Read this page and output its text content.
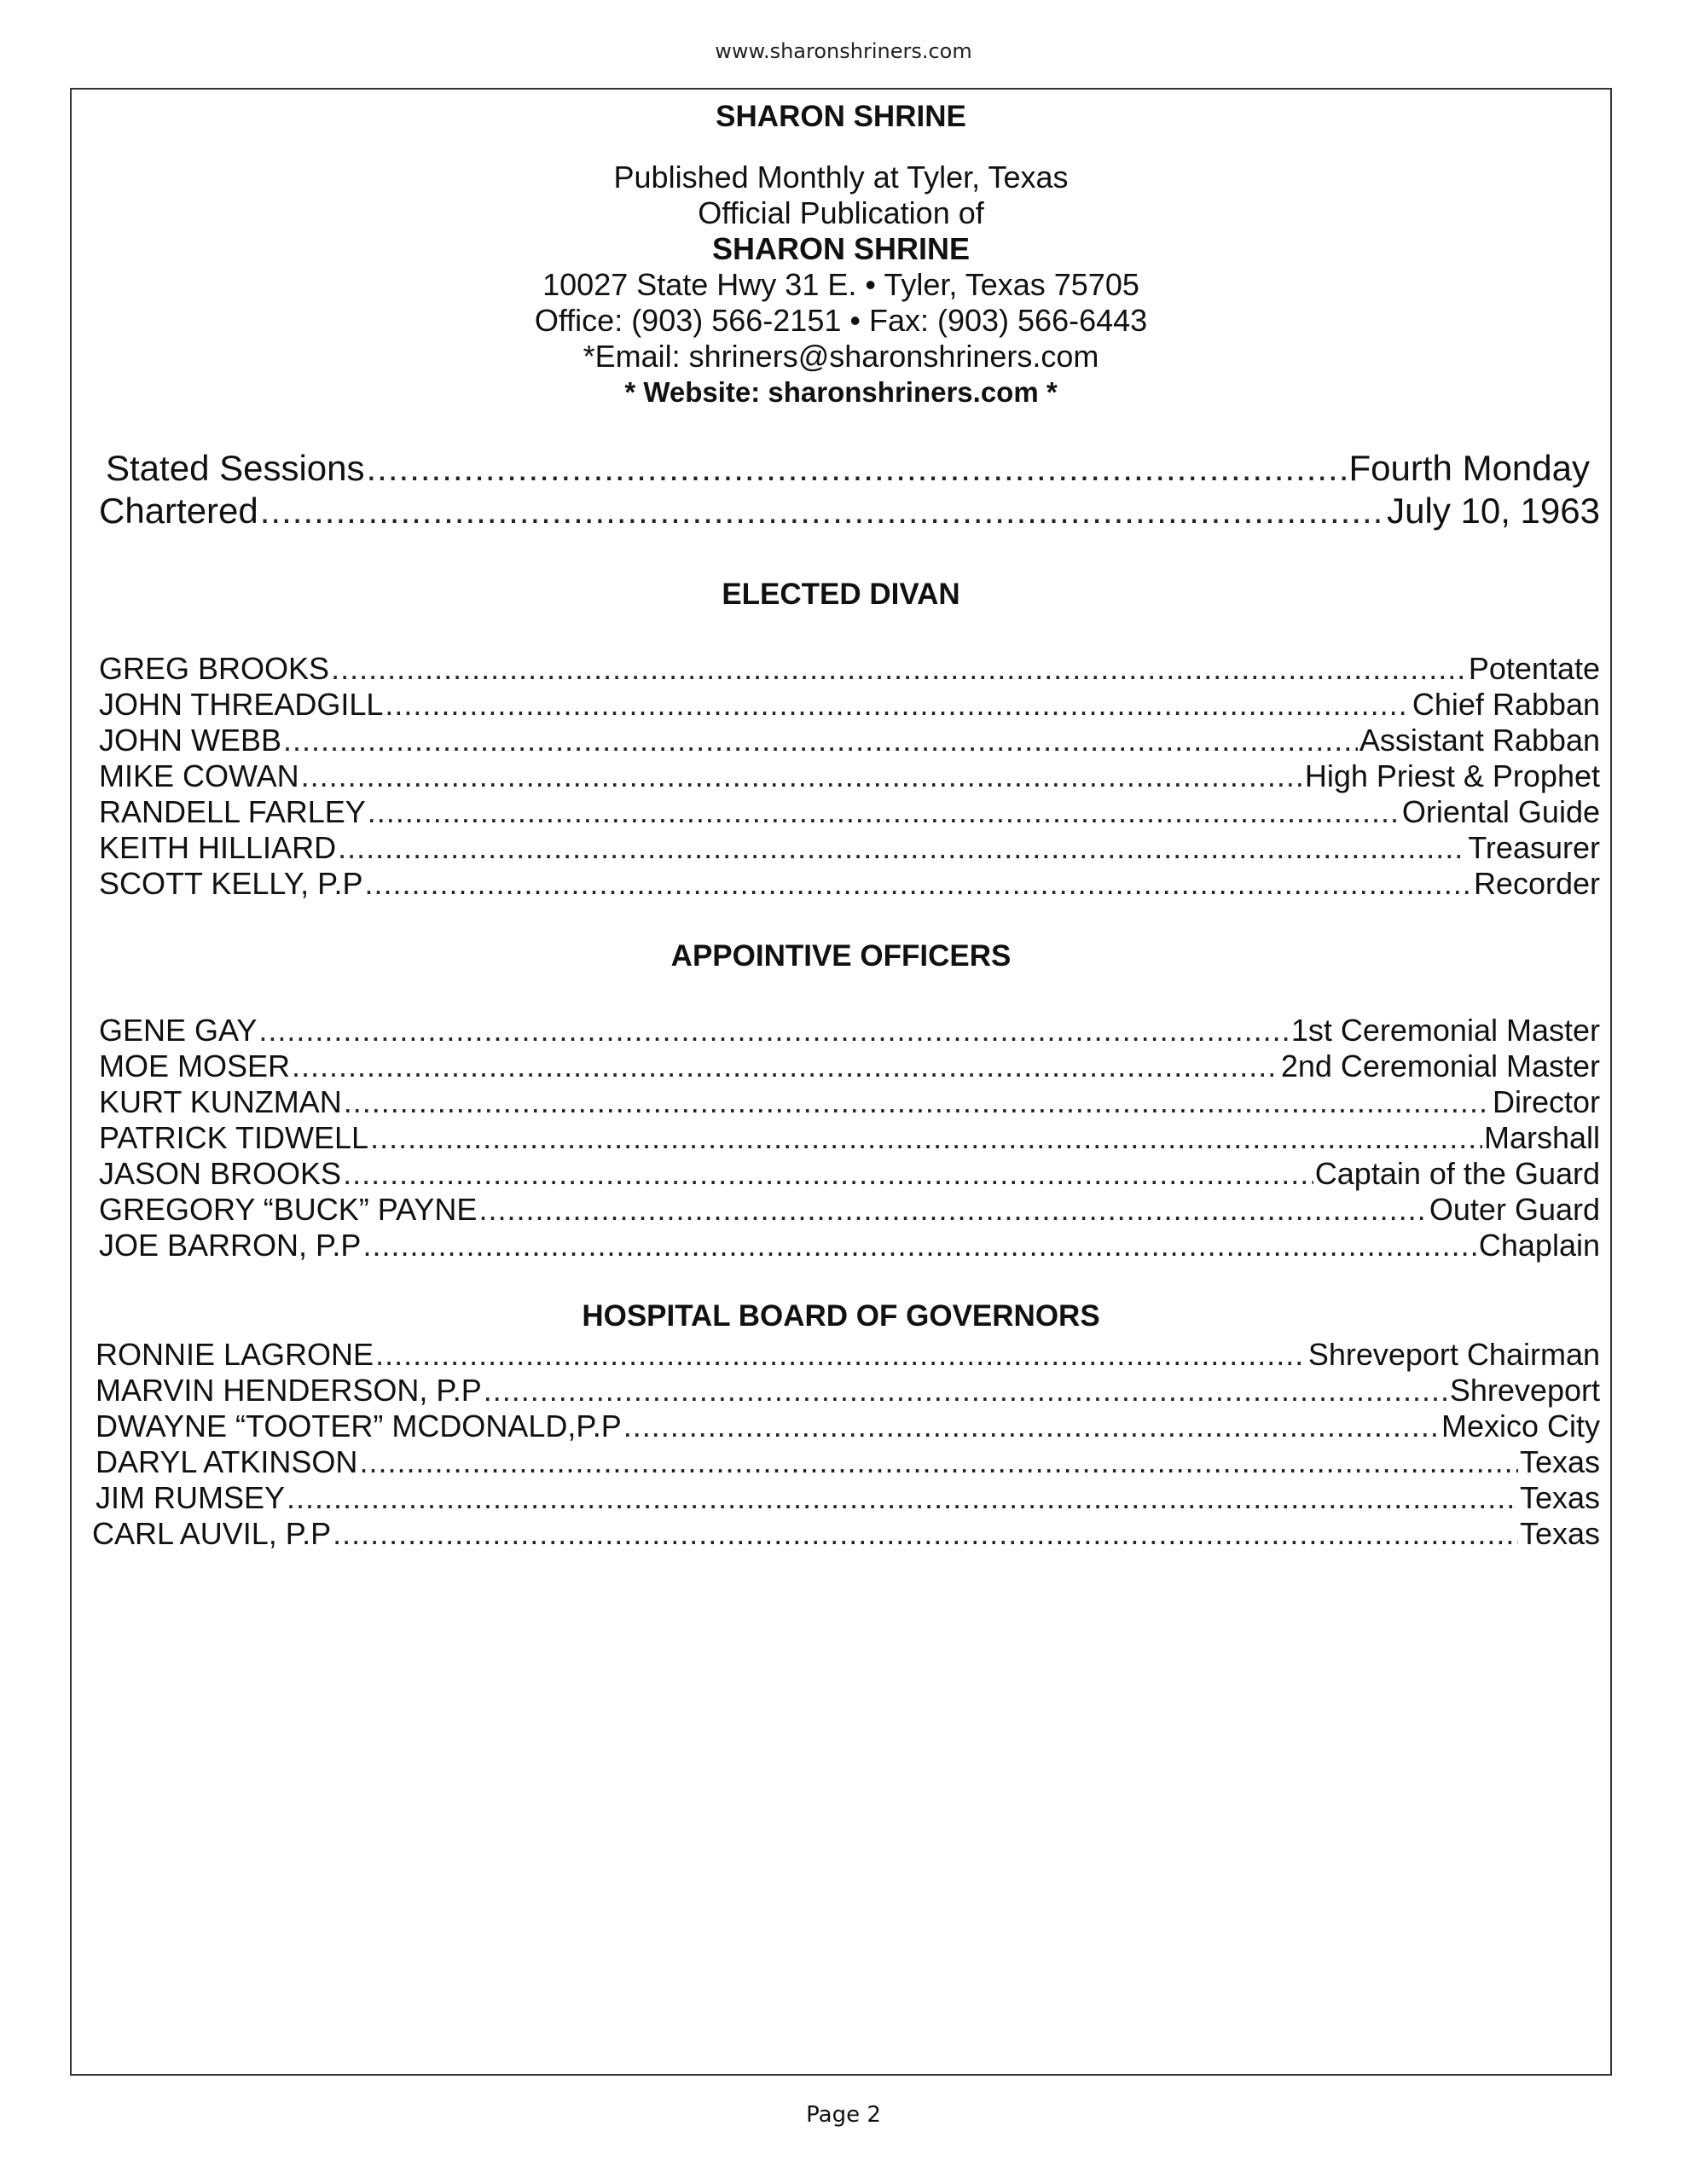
www.sharonshriners.com
SHARON SHRINE
Published Monthly at Tyler, Texas
Official Publication of
SHARON SHRINE
10027 State Hwy 31 E. • Tyler, Texas 75705
Office: (903) 566-2151 • Fax: (903) 566-6443
*Email: shriners@sharonshriners.com
* Website: sharonshriners.com *
Stated Sessions .....	Fourth Monday
Chartered .....	July 10, 1963
ELECTED DIVAN
GREG BROOKS .....	Potentate
JOHN THREADGILL .....	Chief Rabban
JOHN WEBB .....	Assistant Rabban
MIKE COWAN .....	High Priest & Prophet
RANDELL FARLEY .....	Oriental Guide
KEITH HILLIARD .....	Treasurer
SCOTT KELLY, P.P .....	Recorder
APPOINTIVE OFFICERS
GENE GAY .....	1st Ceremonial Master
MOE MOSER .....	2nd Ceremonial Master
KURT KUNZMAN .....	Director
PATRICK TIDWELL .....	Marshall
JASON BROOKS .....	Captain of the Guard
GREGORY “BUCK” PAYNE .....	Outer Guard
JOE BARRON, P.P .....	Chaplain
HOSPITAL BOARD OF GOVERNORS
RONNIE LAGRONE .....	Shreveport Chairman
MARVIN HENDERSON, P.P .....	Shreveport
DWAYNE “TOOTER” MCDONALD,P.P .....	Mexico City
DARYL ATKINSON .....	Texas
JIM RUMSEY .....	Texas
CARL AUVIL, P.P .....	Texas
Page 2
